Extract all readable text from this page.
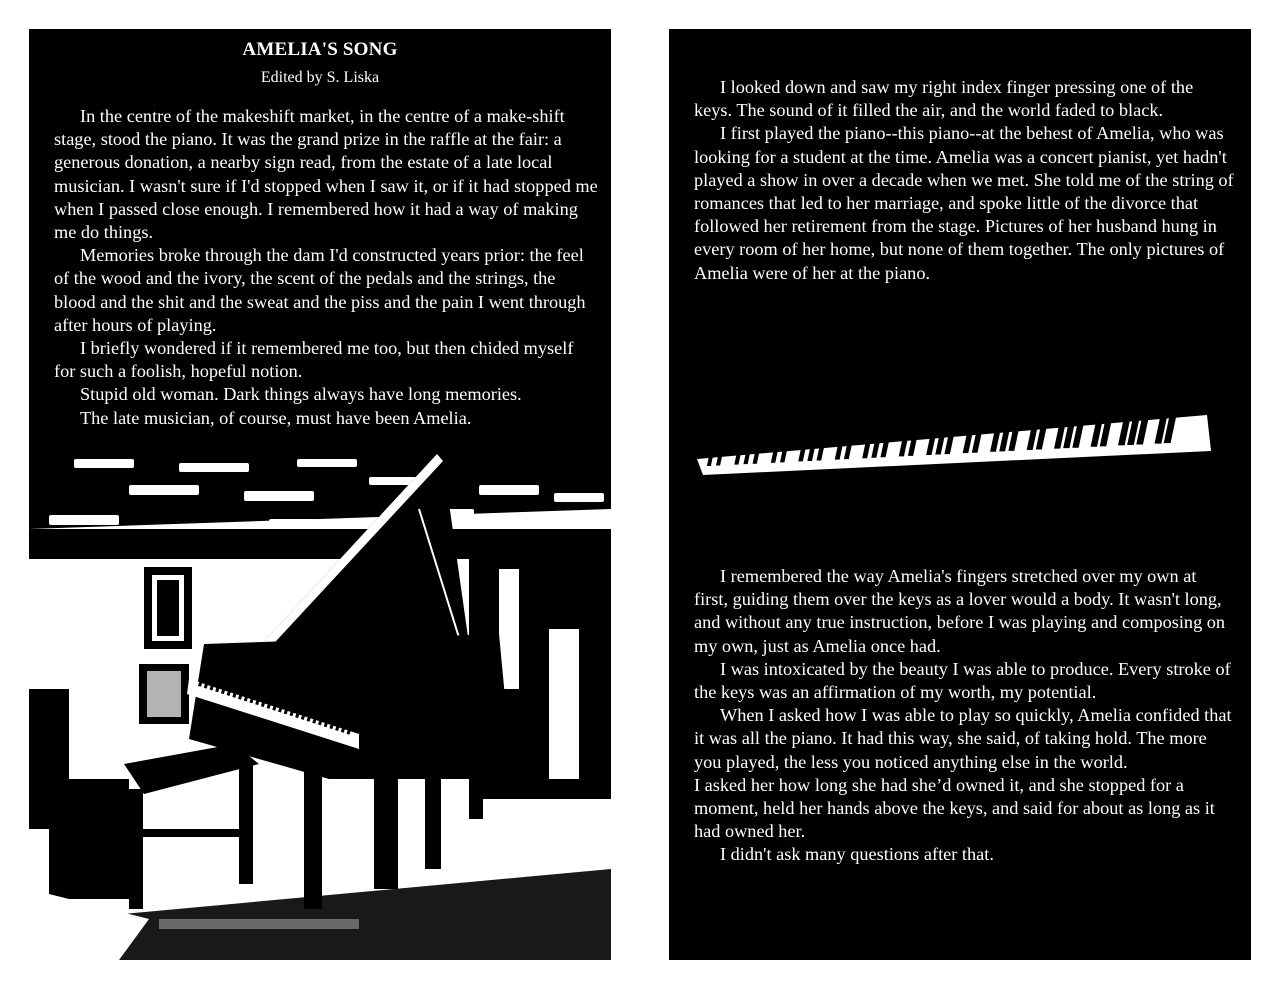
AMELIA'S SONG
Edited by S. Liska

In the centre of the makeshift market, in the centre of a make-shift stage, stood the piano. It was the grand prize in the raffle at the fair: a generous donation, a nearby sign read, from the estate of a late local musician. I wasn't sure if I'd stopped when I saw it, or if it had stopped me when I passed close enough. I remembered how it had a way of making me do things.

Memories broke through the dam I'd constructed years prior: the feel of the wood and the ivory, the scent of the pedals and the strings, the blood and the shit and the sweat and the piss and the pain I went through after hours of playing.

I briefly wondered if it remembered me too, but then chided myself for such a foolish, hopeful notion.

Stupid old woman. Dark things always have long memories.

The late musician, of course, must have been Amelia.

I looked down and saw my right index finger pressing one of the keys. The sound of it filled the air, and the world faded to black.

I first played the piano--this piano--at the behest of Amelia, who was looking for a student at the time. Amelia was a concert pianist, yet hadn't played a show in over a decade when we met. She told me of the string of romances that led to her marriage, and spoke little of the divorce that followed her retirement from the stage. Pictures of her husband hung in every room of her home, but none of them together. The only pictures of Amelia were of her at the piano.

I remembered the way Amelia's fingers stretched over my own at first, guiding them over the keys as a lover would a body. It wasn't long, and without any true instruction, before I was playing and composing on my own, just as Amelia once had.

I was intoxicated by the beauty I was able to produce. Every stroke of the keys was an affirmation of my worth, my potential.

When I asked how I was able to play so quickly, Amelia confided that it was all the piano. It had this way, she said, of taking hold. The more you played, the less you noticed anything else in the world.

I asked her how long she had she’d owned it, and she stopped for a moment, held her hands above the keys, and said for about as long as it had owned her.

I didn't ask many questions after that.
